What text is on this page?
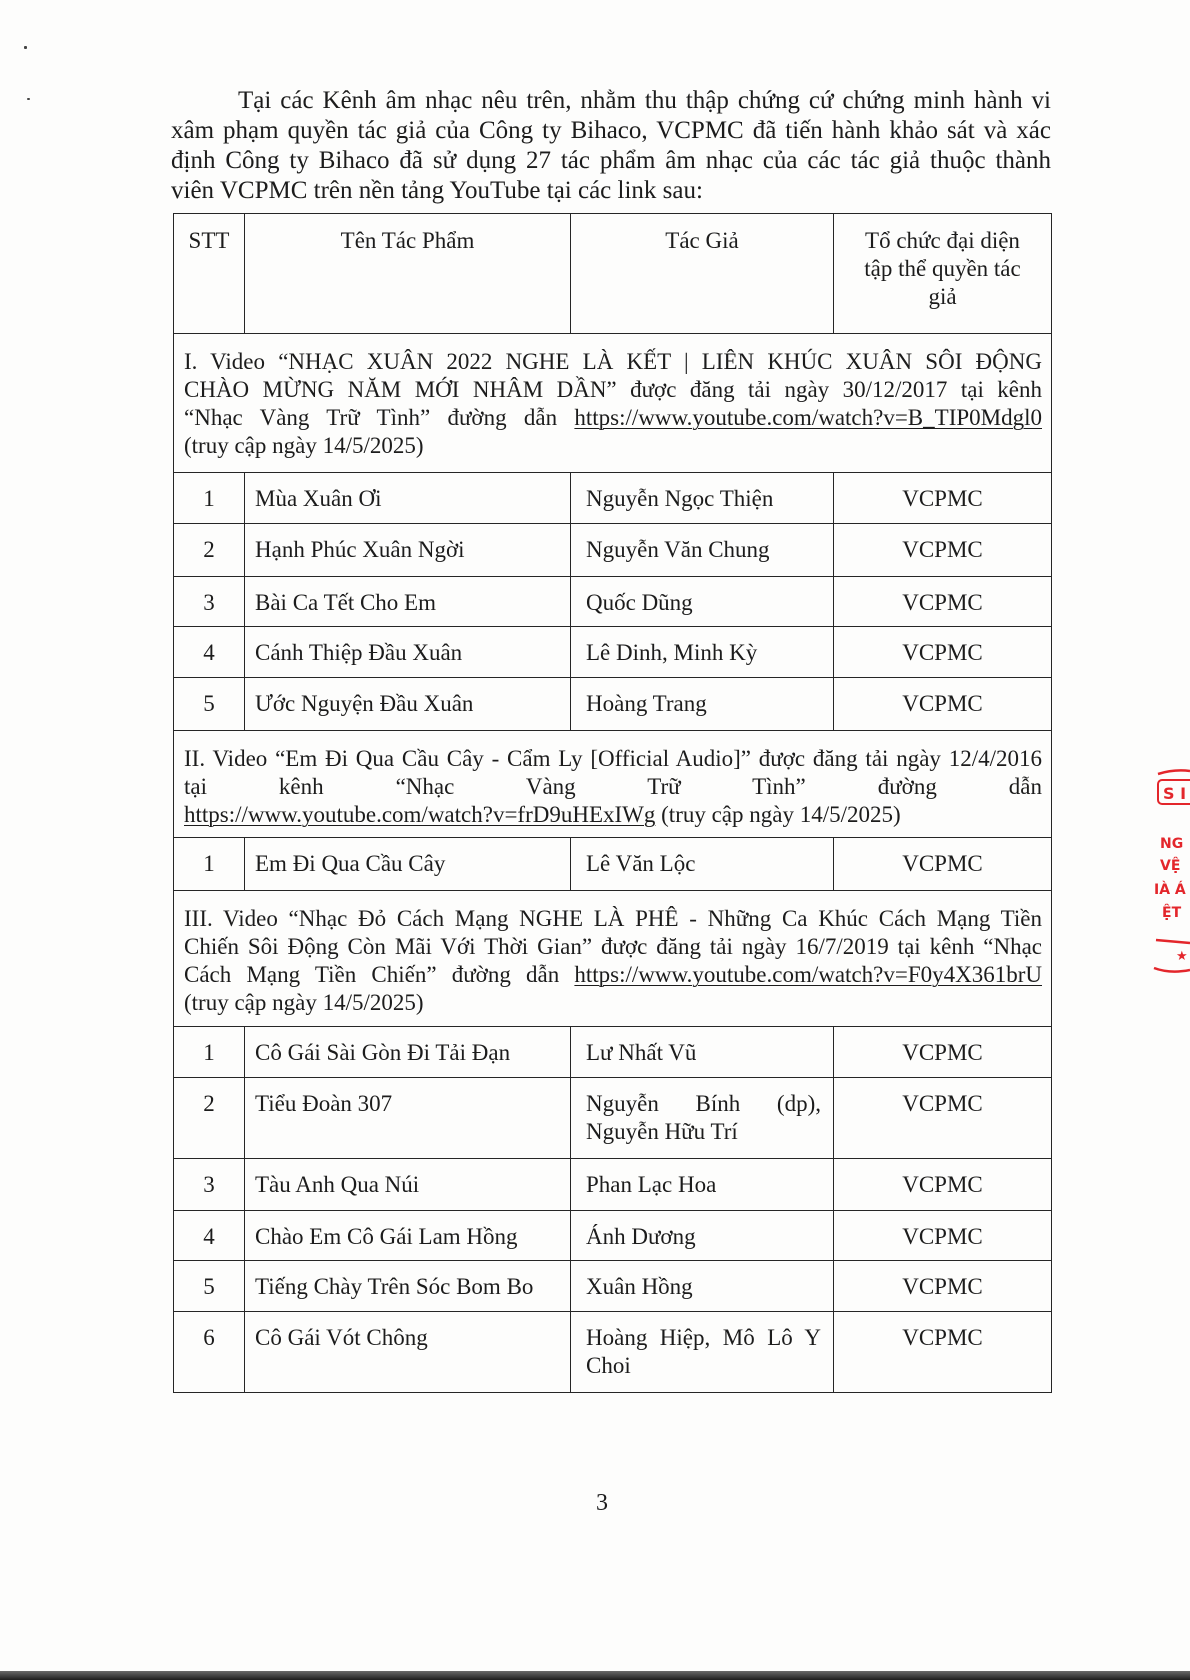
Tại các Kênh âm nhạc nêu trên, nhằm thu thập chứng cứ chứng minh hành vi
xâm phạm quyền tác giả của Công ty Bihaco, VCPMC đã tiến hành khảo sát và xác
định Công ty Bihaco đã sử dụng 27 tác phẩm âm nhạc của các tác giả thuộc thành
viên VCPMC trên nền tảng YouTube tại các link sau:
STT	Tên Tác Phẩm	Tác Giả	Tổ chức đại diện tập thể quyền tác giả

I. Video “NHẠC XUÂN 2022 NGHE LÀ KẾT | LIÊN KHÚC XUÂN SÔI ĐỘNG
CHÀO MỪNG NĂM MỚI NHÂM DẦN” được đăng tải ngày 30/12/2017 tại kênh
“Nhạc Vàng Trữ Tình” đường dẫn https://www.youtube.com/watch?v=B_TIP0Mdgl0
(truy cập ngày 14/5/2025)			

1	Mùa Xuân Ơi	Nguyễn Ngọc Thiện	VCPMC
2	Hạnh Phúc Xuân Ngời	Nguyễn Văn Chung	VCPMC
3	Bài Ca Tết Cho Em	Quốc Dũng	VCPMC
4	Cánh Thiệp Đầu Xuân	Lê Dinh, Minh Kỳ	VCPMC
5	Ước Nguyện Đầu Xuân	Hoàng Trang	VCPMC

II. Video “Em Đi Qua Cầu Cây - Cẩm Ly [Official Audio]” được đăng tải ngày 12/4/2016
tại kênh “Nhạc Vàng Trữ Tình” đường dẫn
https://www.youtube.com/watch?v=frD9uHExIWg (truy cập ngày 14/5/2025)			

1	Em Đi Qua Cầu Cây	Lê Văn Lộc	VCPMC

III. Video “Nhạc Đỏ Cách Mạng NGHE LÀ PHÊ - Những Ca Khúc Cách Mạng Tiền
Chiến Sôi Động Còn Mãi Với Thời Gian” được đăng tải ngày 16/7/2019 tại kênh “Nhạc
Cách Mạng Tiền Chiến” đường dẫn https://www.youtube.com/watch?v=F0y4X361brU
(truy cập ngày 14/5/2025)			

1	Cô Gái Sài Gòn Đi Tải Đạn	Lư Nhất Vũ	VCPMC
2	Tiểu Đoàn 307	Nguyễn Bính (dp), Nguyễn Hữu Trí	VCPMC
3	Tàu Anh Qua Núi	Phan Lạc Hoa	VCPMC
4	Chào Em Cô Gái Lam Hồng	Ánh Dương	VCPMC
5	Tiếng Chày Trên Sóc Bom Bo	Xuân Hồng	VCPMC
6	Cô Gái Vót Chông	Hoàng Hiệp, Mô Lô Y Choi	VCPMC
S I
NG
VỆ
IÀ Á
ỆT
★
3
